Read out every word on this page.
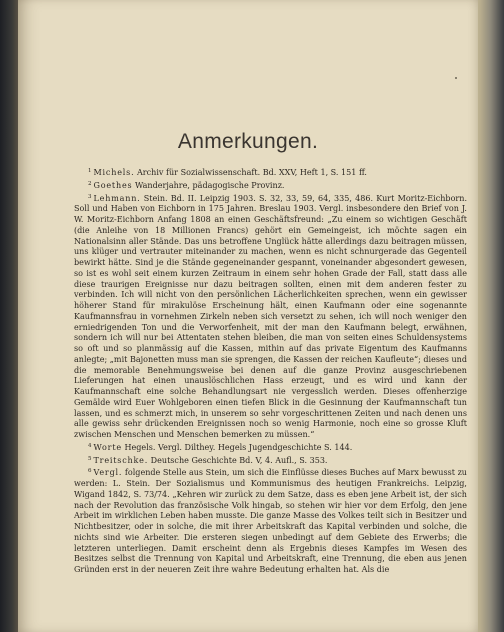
Anmerkungen.

$^1$ Michels. Archiv für Sozialwissenschaft. Bd. XXV, Heft 1, S. 151 ff.

$^2$ Goethes Wanderjahre, pädagogische Provinz.

$^3$ Lehmann. Stein. Bd. II. Leipzig 1903. S. 32, 33, 59, 64, 335, 486. Kurt Moritz-Eichborn. Soll und Haben von Eichborn in 175 Jahren. Breslau 1903. Vergl. insbesondere den Brief von J. W. Moritz-Eichborn Anfang 1808 an einen Geschäftsfreund: „Zu einem so wichtigen Geschäft (die Anleihe von 18 Millionen Francs) gehört ein Gemeingeist, ich möchte sagen ein Nationalsinn aller Stände. Das uns betroffene Unglück hätte allerdings dazu beitragen müssen, uns klüger und vertrauter miteinander zu machen, wenn es nicht schnurgerade das Gegenteil bewirkt hätte. Sind je die Stände gegeneinander gespannt, voneinander abgesondert gewesen, so ist es wohl seit einem kurzen Zeitraum in einem sehr hohen Grade der Fall, statt dass alle diese traurigen Ereignisse nur dazu beitragen sollten, einen mit dem anderen fester zu verbinden. Ich will nicht von den persönlichen Lächerlichkeiten sprechen, wenn ein gewisser höherer Stand für mirakulöse Erscheinung hält, einen Kaufmann oder eine sogenannte Kaufmannsfrau in vornehmen Zirkeln neben sich versetzt zu sehen, ich will noch weniger den erniedrigenden Ton und die Verworfenheit, mit der man den Kaufmann belegt, erwähnen, sondern ich will nur bei Attentaten stehen bleiben, die man von seiten eines Schuldensystems so oft und so planmässig auf die Kassen, mithin auf das private Eigentum des Kaufmanns anlegte; „mit Bajonetten muss man sie sprengen, die Kassen der reichen Kaufleute“; dieses und die memorable Benehmungsweise bei denen auf die ganze Provinz ausgeschriebenen Lieferungen hat einen unauslöschlichen Hass erzeugt, und es wird und kann der Kaufmannschaft eine solche Behandlungsart nie vergesslich werden. Dieses offenherzige Gemälde wird Euer Wohlgeboren einen tiefen Blick in die Gesinnung der Kaufmannschaft tun lassen, und es schmerzt mich, in unserem so sehr vorgeschrittenen Zeiten und nach denen uns alle gewiss sehr drückenden Ereignissen noch so wenig Harmonie, noch eine so grosse Kluft zwischen Menschen und Menschen bemerken zu müssen.“

$^4$ Worte Hegels. Vergl. Dilthey. Hegels Jugendgeschichte S. 144.

$^5$ Treitschke. Deutsche Geschichte Bd. V, 4. Aufl., S. 353.

$^6$ Vergl. folgende Stelle aus Stein, um sich die Einflüsse dieses Buches auf Marx bewusst zu werden: L. Stein. Der Sozialismus und Kommunismus des heutigen Frankreichs. Leipzig, Wigand 1842, S. 73/74. „Kehren wir zurück zu dem Satze, dass es eben jene Arbeit ist, der sich nach der Revolution das französische Volk hingab, so stehen wir hier vor dem Erfolg, den jene Arbeit im wirklichen Leben haben musste. Die ganze Masse des Volkes teilt sich in Besitzer und Nichtbesitzer, oder in solche, die mit ihrer Arbeitskraft das Kapital verbinden und solche, die nichts sind wie Arbeiter. Die ersteren siegen unbedingt auf dem Gebiete des Erwerbs; die letzteren unterliegen. Damit erscheint denn als Ergebnis dieses Kampfes im Wesen des Besitzes selbst die Trennung von Kapital und Arbeitskraft, eine Trennung, die eben aus jenen Gründen erst in der neueren Zeit ihre wahre Bedeutung erhalten hat. Als die
